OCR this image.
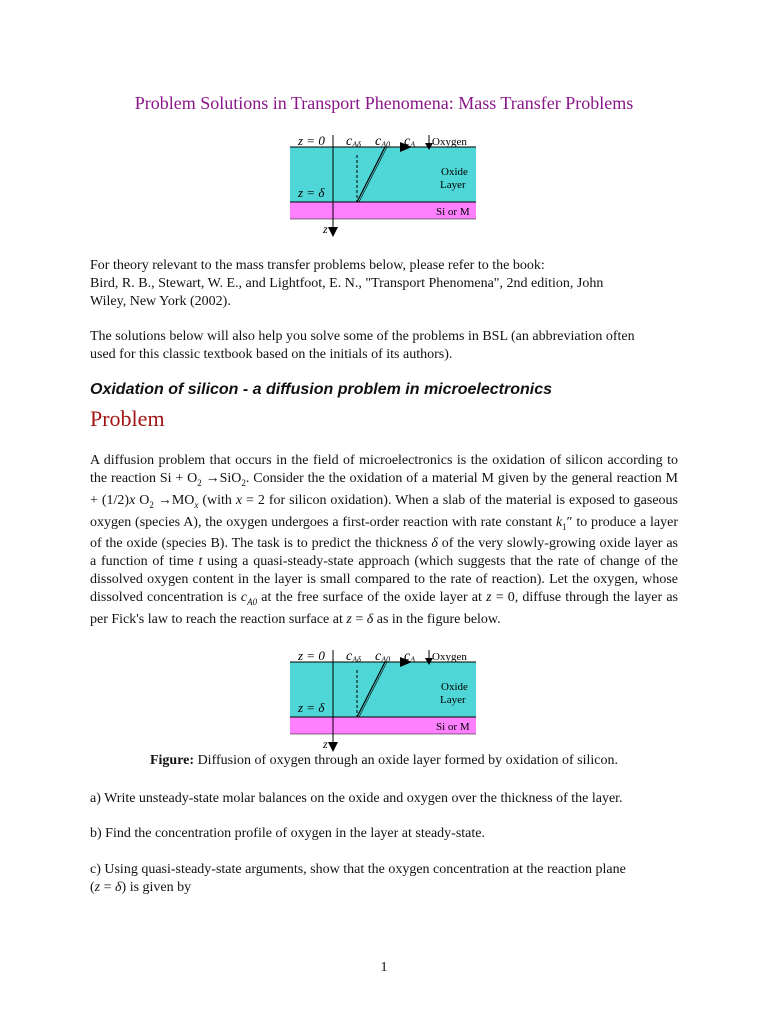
Problem Solutions in Transport Phenomena: Mass Transfer Problems
z = 0 cAδ cA0 cA Oxygen
Oxide
Layer
z = δ
Si or M
z
For theory relevant to the mass transfer problems below, please refer to the book:
Bird, R. B., Stewart, W. E., and Lightfoot, E. N., "Transport Phenomena", 2nd edition, John
Wiley, New York (2002).
The solutions below will also help you solve some of the problems in BSL (an abbreviation often
used for this classic textbook based on the initials of its authors).
Oxidation of silicon - a diffusion problem in microelectronics
Problem
A diffusion problem that occurs in the field of microelectronics is the oxidation of silicon according to the reaction $Si + O_2 \to SiO_2$. Consider the the oxidation of a material M given by the general reaction M + (1/2)x $O_2 \to MO_x$ (with x = 2 for silicon oxidation). When a slab of the material is exposed to gaseous oxygen (species A), the oxygen undergoes a first-order reaction with rate constant $k_1''$ to produce a layer of the oxide (species B). The task is to predict the thickness δ of the very slowly-growing oxide layer as a function of time t using a quasi-steady-state approach (which suggests that the rate of change of the dissolved oxygen content in the layer is small compared to the rate of reaction). Let the oxygen, whose dissolved concentration is $c_{A0}$ at the free surface of the oxide layer at z = 0, diffuse through the layer as per Fick's law to reach the reaction surface at z = δ as in the figure below.
z = 0 cAδ cA0 cA Oxygen
Oxide
Layer
z = δ
Si or M
z
Figure: Diffusion of oxygen through an oxide layer formed by oxidation of silicon.
a) Write unsteady-state molar balances on the oxide and oxygen over the thickness of the layer.
b) Find the concentration profile of oxygen in the layer at steady-state.
c) Using quasi-steady-state arguments, show that the oxygen concentration at the reaction plane
(z = δ) is given by
1
